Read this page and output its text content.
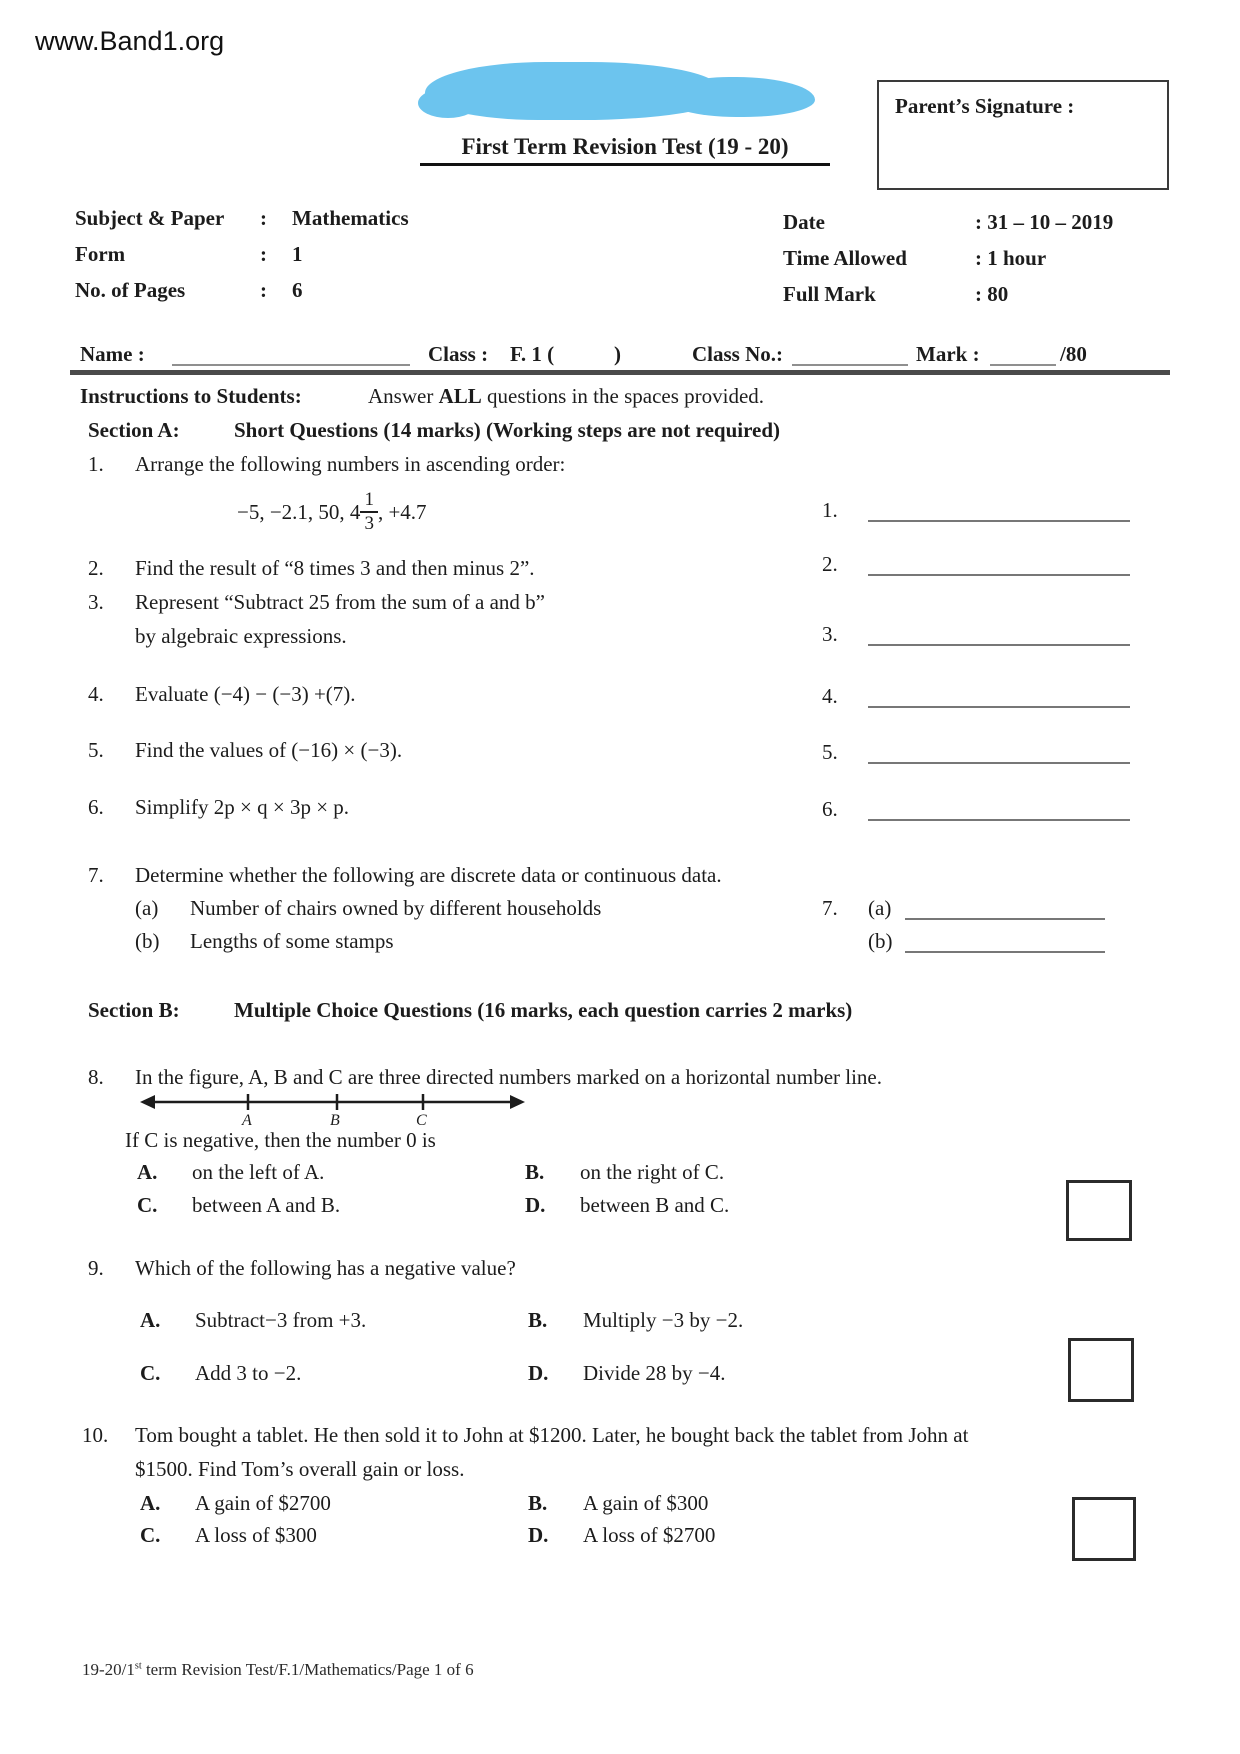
www.Band1.org
First Term Revision Test (19 - 20)
Parent’s Signature :
Subject & Paper : Mathematics
Form	: 1
No. of Pages	: 6
Date	: 31 – 10 – 2019
Time Allowed	: 1 hour
Full Mark	: 80
Name :	Class : F. 1 (	)	Class No.:	Mark :	/80
Instructions to Students:	Answer ALL questions in the spaces provided.
Section A:	Short Questions (14 marks) (Working steps are not required)
1. Arrange the following numbers in ascending order:
−5, −2.1, 50, $4 \frac{1}{3}$ , +4.7	1.
2. Find the result of “8 times 3 and then minus 2”.	2.
3. Represent “Subtract 25 from the sum of a and b”
by algebraic expressions.	3.
4. Evaluate (−4) − (−3) +(7).	4.
5. Find the values of (−16) × (−3).	5.
6. Simplify 2p × q × 3p × p.	6.
7. Determine whether the following are discrete data or continuous data.
(a) Number of chairs owned by different households
(b) Lengths of some stamps
7. (a)
(b)
Section B:	Multiple Choice Questions (16 marks, each question carries 2 marks)
8. In the figure, A, B and C are three directed numbers marked on a horizontal number line.
A	B	C
If C is negative, then the number 0 is
A. on the left of A.	B. on the right of C.
C. between A and B.	D. between B and C.
9. Which of the following has a negative value?
A. Subtract−3 from +3.	B. Multiply −3 by −2.
C. Add 3 to −2.	D. Divide 28 by −4.
10. Tom bought a tablet. He then sold it to John at $1200. Later, he bought back the tablet from John at
$1500. Find Tom’s overall gain or loss.
A. A gain of $2700	B. A gain of $300
C. A loss of $300	D. A loss of $2700
19-20/1st term Revision Test/F.1/Mathematics/Page 1 of 6
